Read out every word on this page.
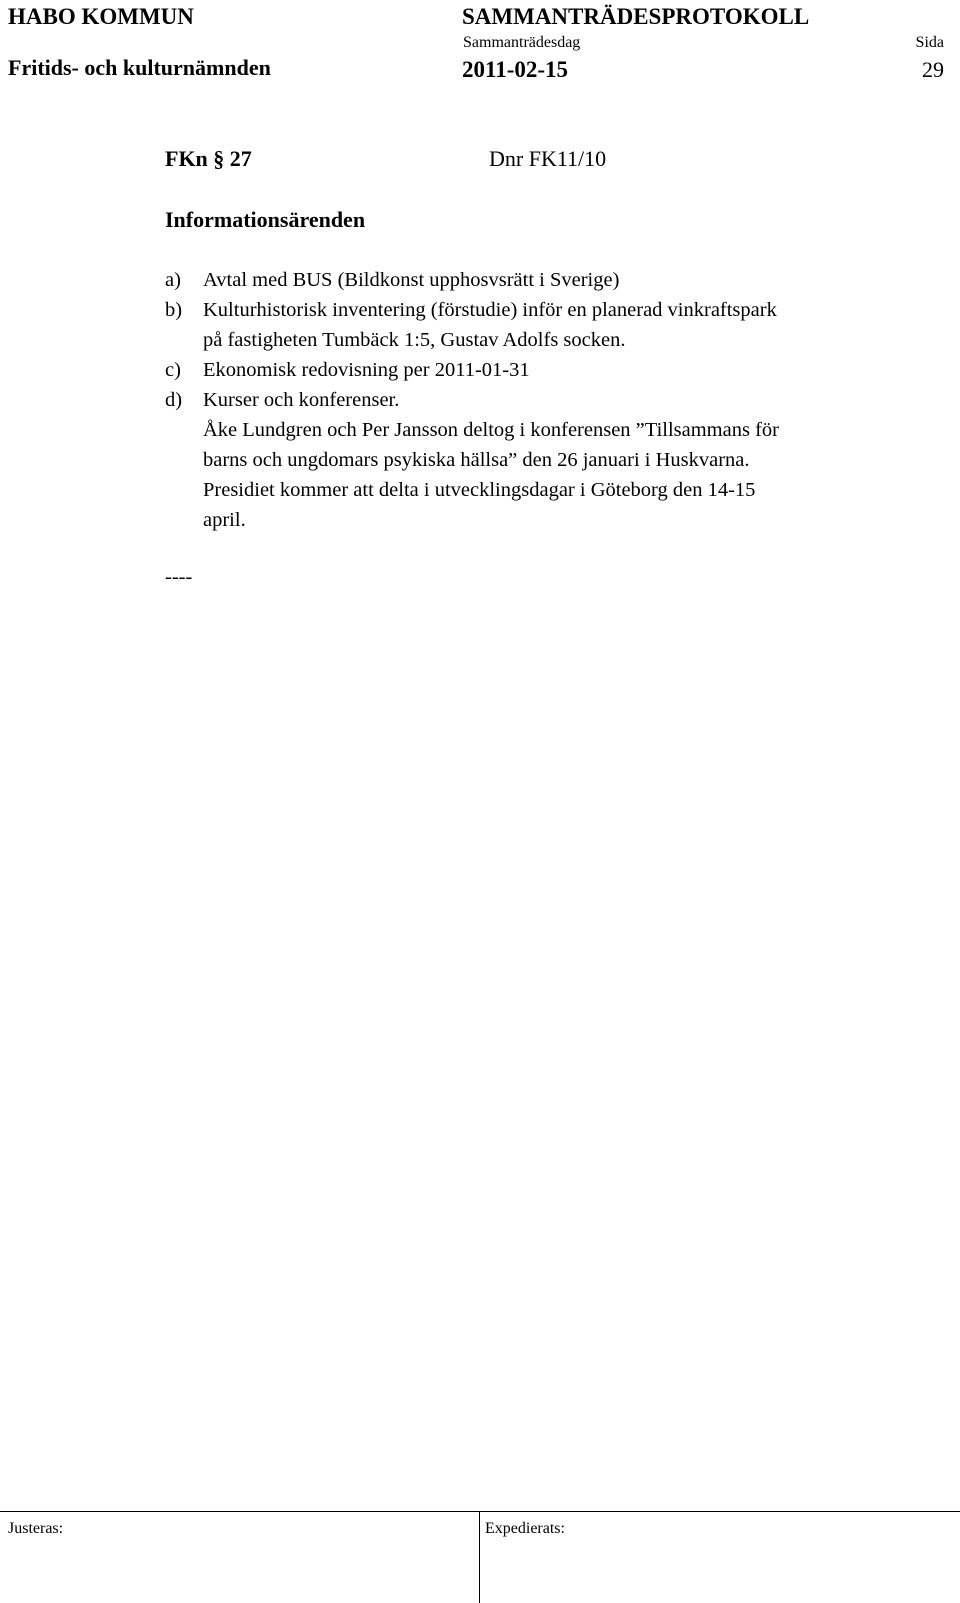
HABO KOMMUN
Fritids- och kulturnämnden
SAMMANTRÄDESPROTOKOLL
Sammanträdesdag
2011-02-15
Sida
29
FKn § 27	Dnr FK11/10
Informationsärenden
a) Avtal med BUS (Bildkonst upphosvsrätt i Sverige)
b) Kulturhistorisk inventering (förstudie) inför en planerad vinkraftspark
på fastigheten Tumbäck 1:5, Gustav Adolfs socken.
c) Ekonomisk redovisning per 2011-01-31
d) Kurser och konferenser.
Åke Lundgren och Per Jansson deltog i konferensen ”Tillsammans för
barns och ungdomars psykiska hällsa” den 26 januari i Huskvarna.
Presidiet kommer att delta i utvecklingsdagar i Göteborg den 14-15
april.
----
Justeras:	Expedierats:
